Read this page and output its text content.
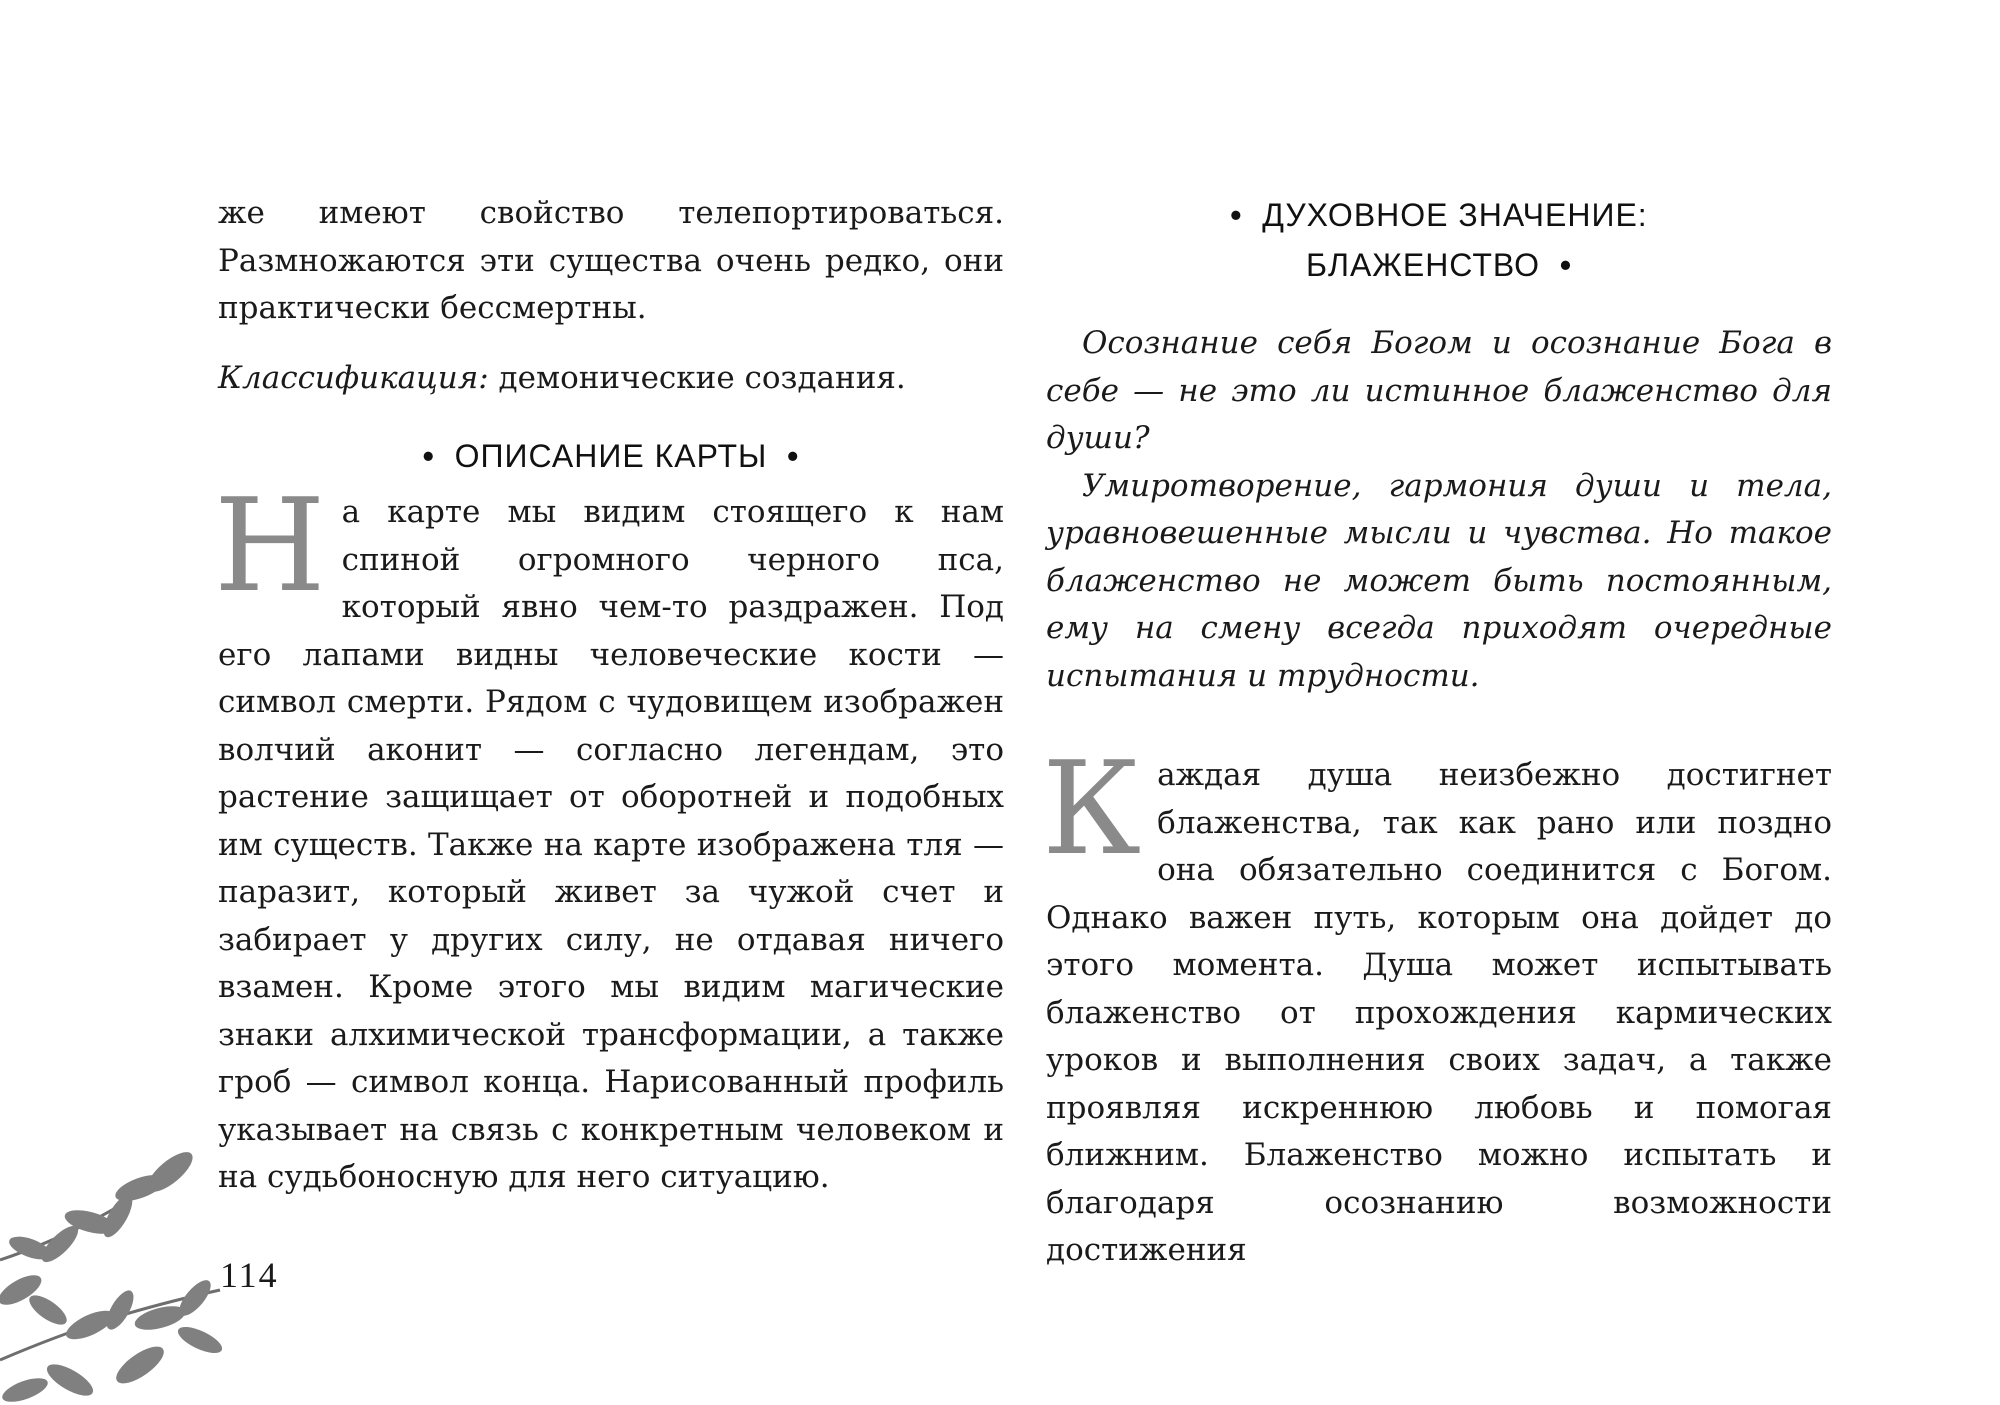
же имеют свойство телепортироваться. Размножаются эти существа очень редко, они практически бессмертны.

Классификация: демонические создания.

• ОПИСАНИЕ КАРТЫ •

На карте мы видим стоящего к нам спиной огромного черного пса, который явно чем-то раздражен. Под его лапами видны человеческие кости — символ смерти. Рядом с чудовищем изображен волчий аконит — согласно легендам, это растение защищает от оборотней и подобных им существ. Также на карте изображена тля — паразит, который живет за чужой счет и забирает у других силу, не отдавая ничего взамен. Кроме этого мы видим магические знаки алхимической трансформации, а также гроб — символ конца. Нарисованный профиль указывает на связь с конкретным человеком и на судьбоносную для него ситуацию.

• ДУХОВНОЕ ЗНАЧЕНИЕ:
БЛАЖЕНСТВО •

Осознание себя Богом и осознание Бога в себе — не это ли истинное блаженство для души?

Умиротворение, гармония души и тела, уравновешенные мысли и чувства. Но такое блаженство не может быть постоянным, ему на смену всегда приходят очередные испытания и трудности.

Каждая душа неизбежно достигнет блаженства, так как рано или поздно она обязательно соединится с Богом. Однако важен путь, которым она дойдет до этого момента. Душа может испытывать блаженство от прохождения кармических уроков и выполнения своих задач, а также проявляя искреннюю любовь и помогая ближним. Блаженство можно испытать и благодаря осознанию возможности достижения

114
